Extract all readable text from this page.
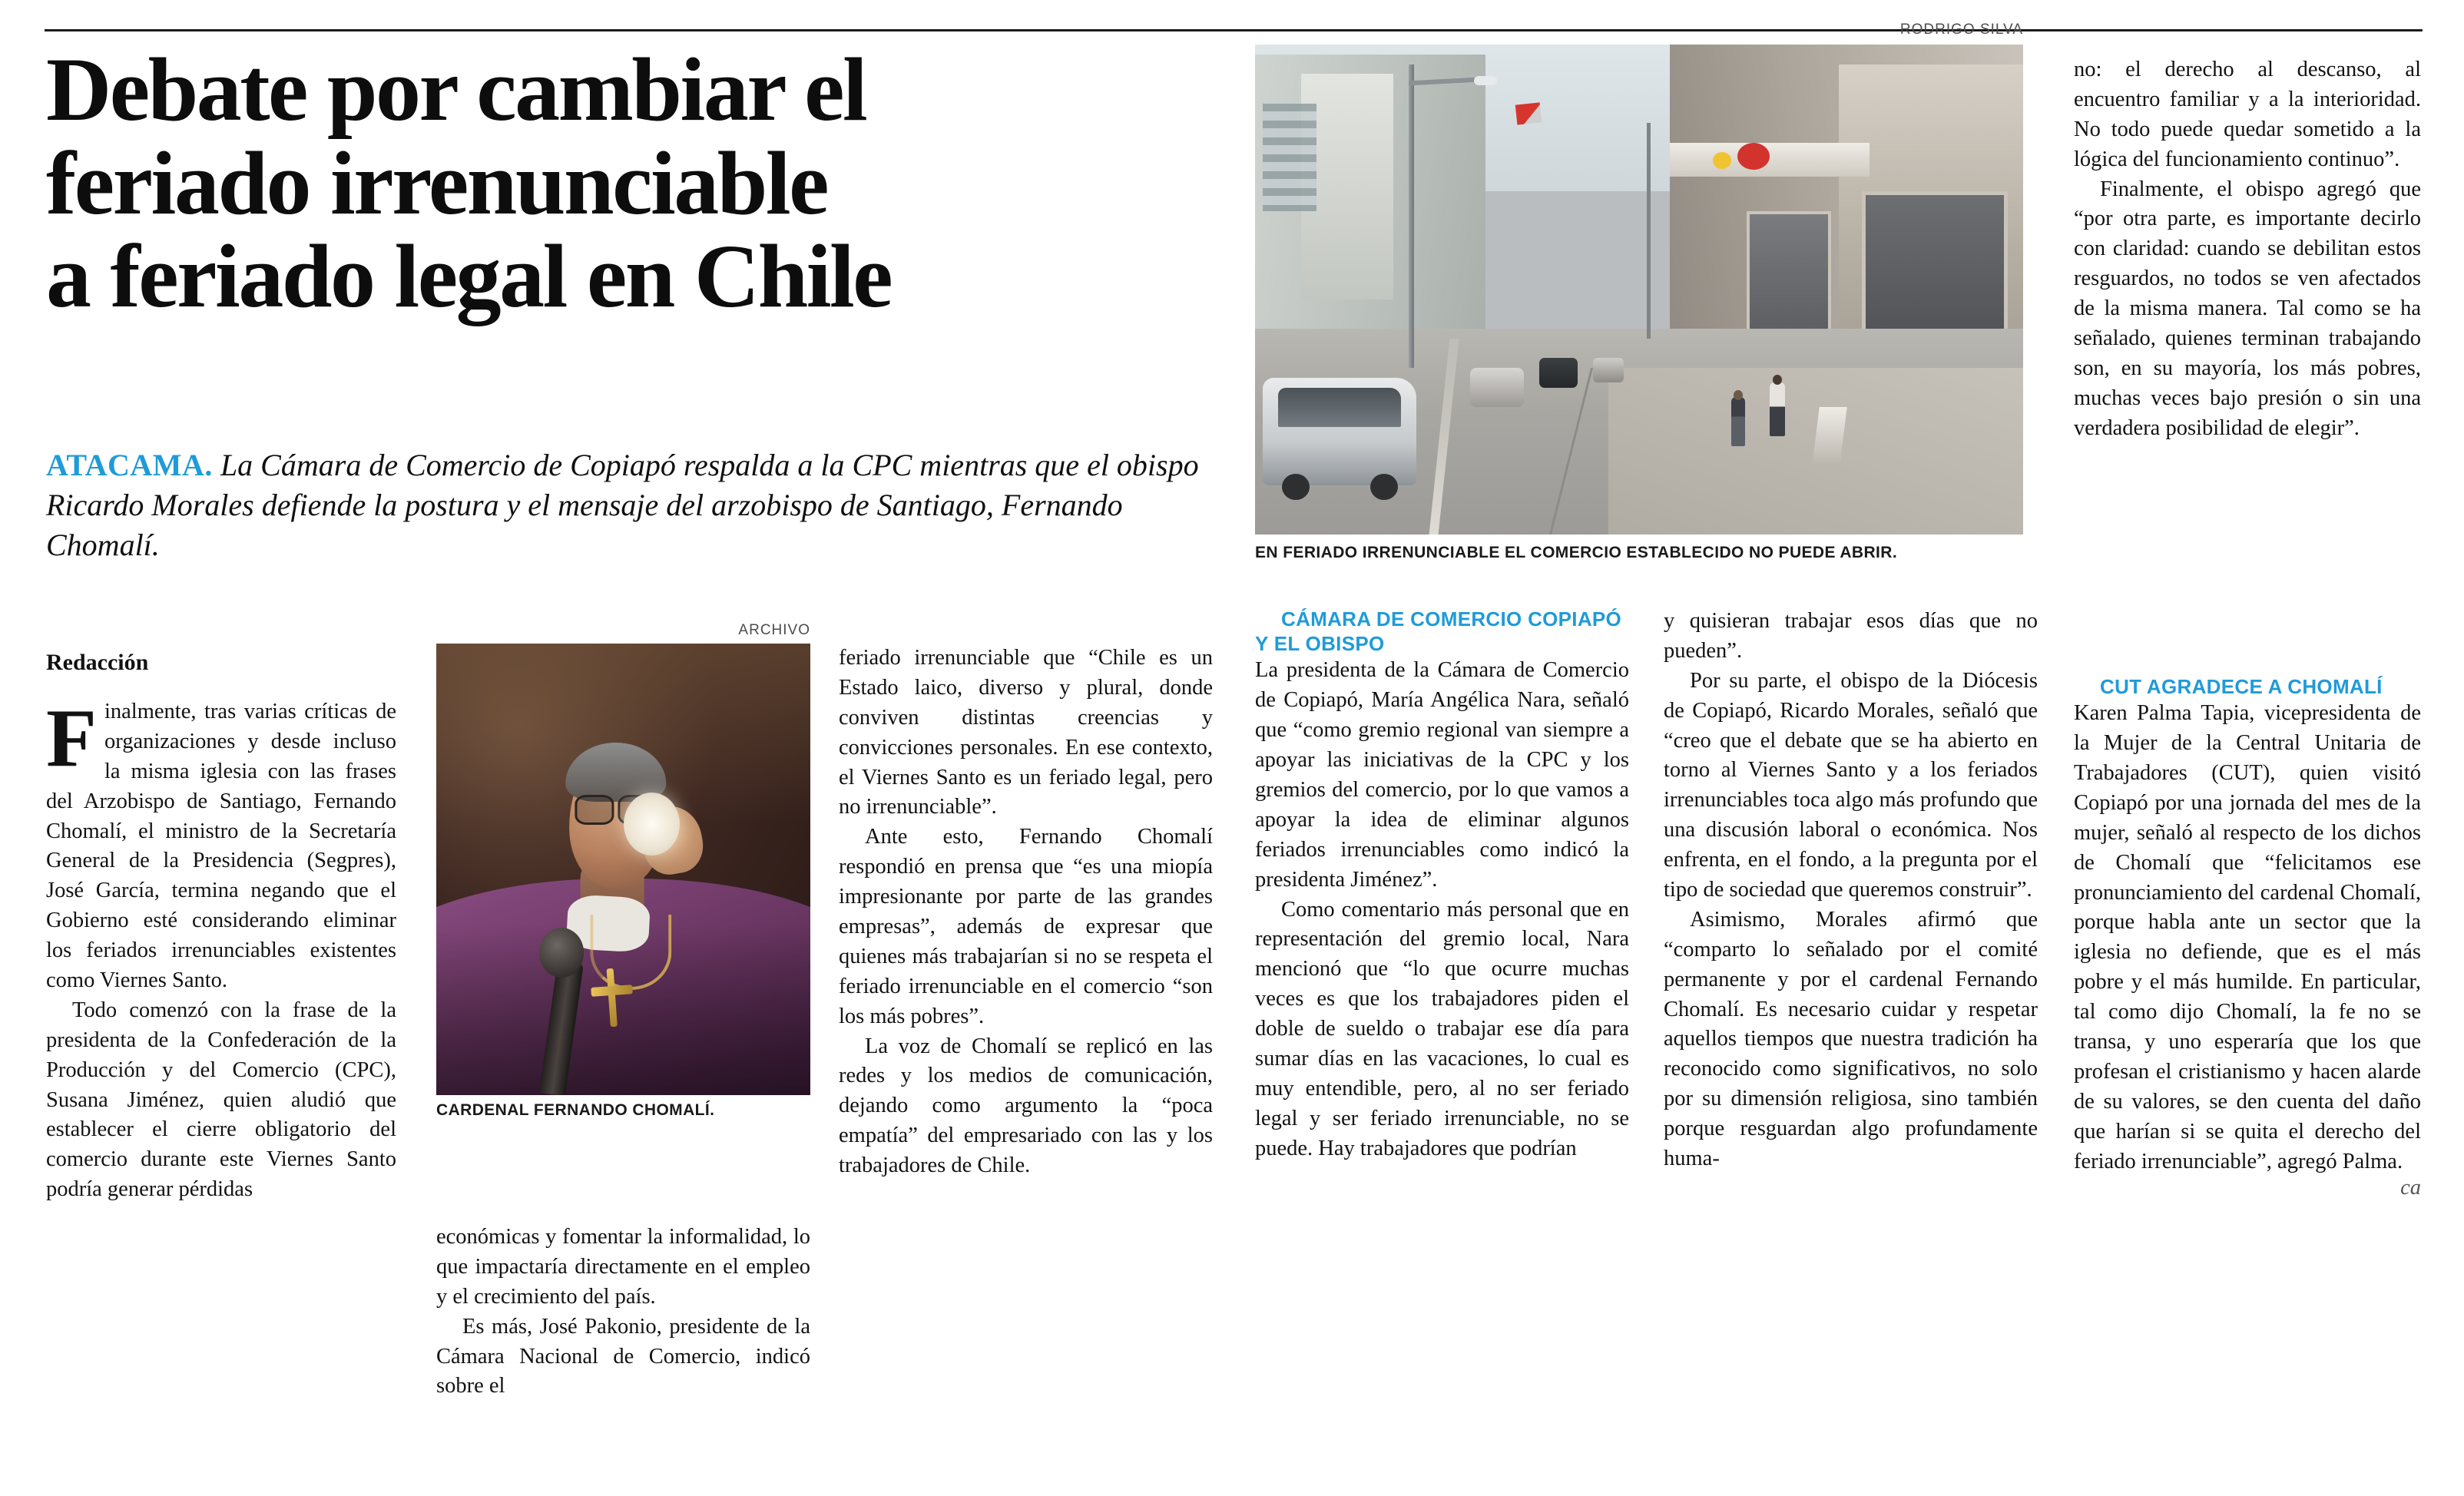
Debate por cambiar el
feriado irrenunciable
a feriado legal en Chile
ATACAMA. La Cámara de Comercio de Copiapó respalda a la CPC mientras que el obispo Ricardo Morales defiende la postura y el mensaje del arzobispo de Santiago, Fernando Chomalí.
Redacción
ARCHIVO
CARDENAL FERNANDO CHOMALÍ.
RODRIGO SILVA
EN FERIADO IRRENUNCIABLE EL COMERCIO ESTABLECIDO NO PUEDE ABRIR.

Finalmente, tras varias críticas de organizaciones y desde incluso la misma iglesia con las frases del Arzobispo de Santiago, Fernando Chomalí, el ministro de la Secretaría General de la Presidencia (Segpres), José García, termina negando que el Gobierno esté considerando eliminar los feriados irrenunciables existentes como Viernes Santo.

Todo comenzó con la frase de la presidenta de la Confederación de la Producción y del Comercio (CPC), Susana Jiménez, quien aludió que establecer el cierre obligatorio del comercio durante este Viernes Santo podría generar pérdidas

feriado irrenunciable que “Chile es un Estado laico, diverso y plural, donde conviven distintas creencias y convicciones personales. En ese contexto, el Viernes Santo es un feriado legal, pero no irrenunciable”.

Ante esto, Fernando Chomalí respondió en prensa que “es una miopía impresionante por parte de las grandes empresas”, además de expresar que quienes más trabajarían si no se respeta el feriado irrenunciable en el comercio “son los más pobres”.

La voz de Chomalí se replicó en las redes y los medios de comunicación, dejando como argumento la “poca empatía” del empresariado con las y los trabajadores de Chile.

económicas y fomentar la informalidad, lo que impactaría directamente en el empleo y el crecimiento del país.

Es más, José Pakonio, presidente de la Cámara Nacional de Comercio, indicó sobre el

CÁMARA DE COMERCIO COPIAPÓ Y EL OBISPO

La presidenta de la Cámara de Comercio de Copiapó, María Angélica Nara, señaló que “como gremio regional van siempre a apoyar las iniciativas de la CPC y los gremios del comercio, por lo que vamos a apoyar la idea de eliminar algunos feriados irrenunciables como indicó la presidenta Jiménez”.

Como comentario más personal que en representación del gremio local, Nara mencionó que “lo que ocurre muchas veces es que los trabajadores piden el doble de sueldo o trabajar ese día para sumar días en las vacaciones, lo cual es muy entendible, pero, al no ser feriado legal y ser feriado irrenunciable, no se puede. Hay trabajadores que podrían

y quisieran trabajar esos días que no pueden”.

Por su parte, el obispo de la Diócesis de Copiapó, Ricardo Morales, señaló que “creo que el debate que se ha abierto en torno al Viernes Santo y a los feriados irrenunciables toca algo más profundo que una discusión laboral o económica. Nos enfrenta, en el fondo, a la pregunta por el tipo de sociedad que queremos construir”.

Asimismo, Morales afirmó que “comparto lo señalado por el comité permanente y por el cardenal Fernando Chomalí. Es necesario cuidar y respetar aquellos tiempos que nuestra tradición ha reconocido como significativos, no solo por su dimensión religiosa, sino también porque resguardan algo profundamente huma-

no: el derecho al descanso, al encuentro familiar y a la interioridad. No todo puede quedar sometido a la lógica del funcionamiento continuo”.

Finalmente, el obispo agregó que “por otra parte, es importante decirlo con claridad: cuando se debilitan estos resguardos, no todos se ven afectados de la misma manera. Tal como se ha señalado, quienes terminan trabajando son, en su mayoría, los más pobres, muchas veces bajo presión o sin una verdadera posibilidad de elegir”.

CUT AGRADECE A CHOMALÍ

Karen Palma Tapia, vicepresidenta de la Mujer de la Central Unitaria de Trabajadores (CUT), quien visitó Copiapó por una jornada del mes de la mujer, señaló al respecto de los dichos de Chomalí que “felicitamos ese pronunciamiento del cardenal Chomalí, porque habla ante un sector que la iglesia no defiende, que es el más pobre y el más humilde. En particular, tal como dijo Chomalí, la fe no se transa, y uno esperaría que los que profesan el cristianismo y hacen alarde de su valores, se den cuenta del daño que harían si se quita el derecho del feriado irrenunciable”, agregó Palma.

ca
